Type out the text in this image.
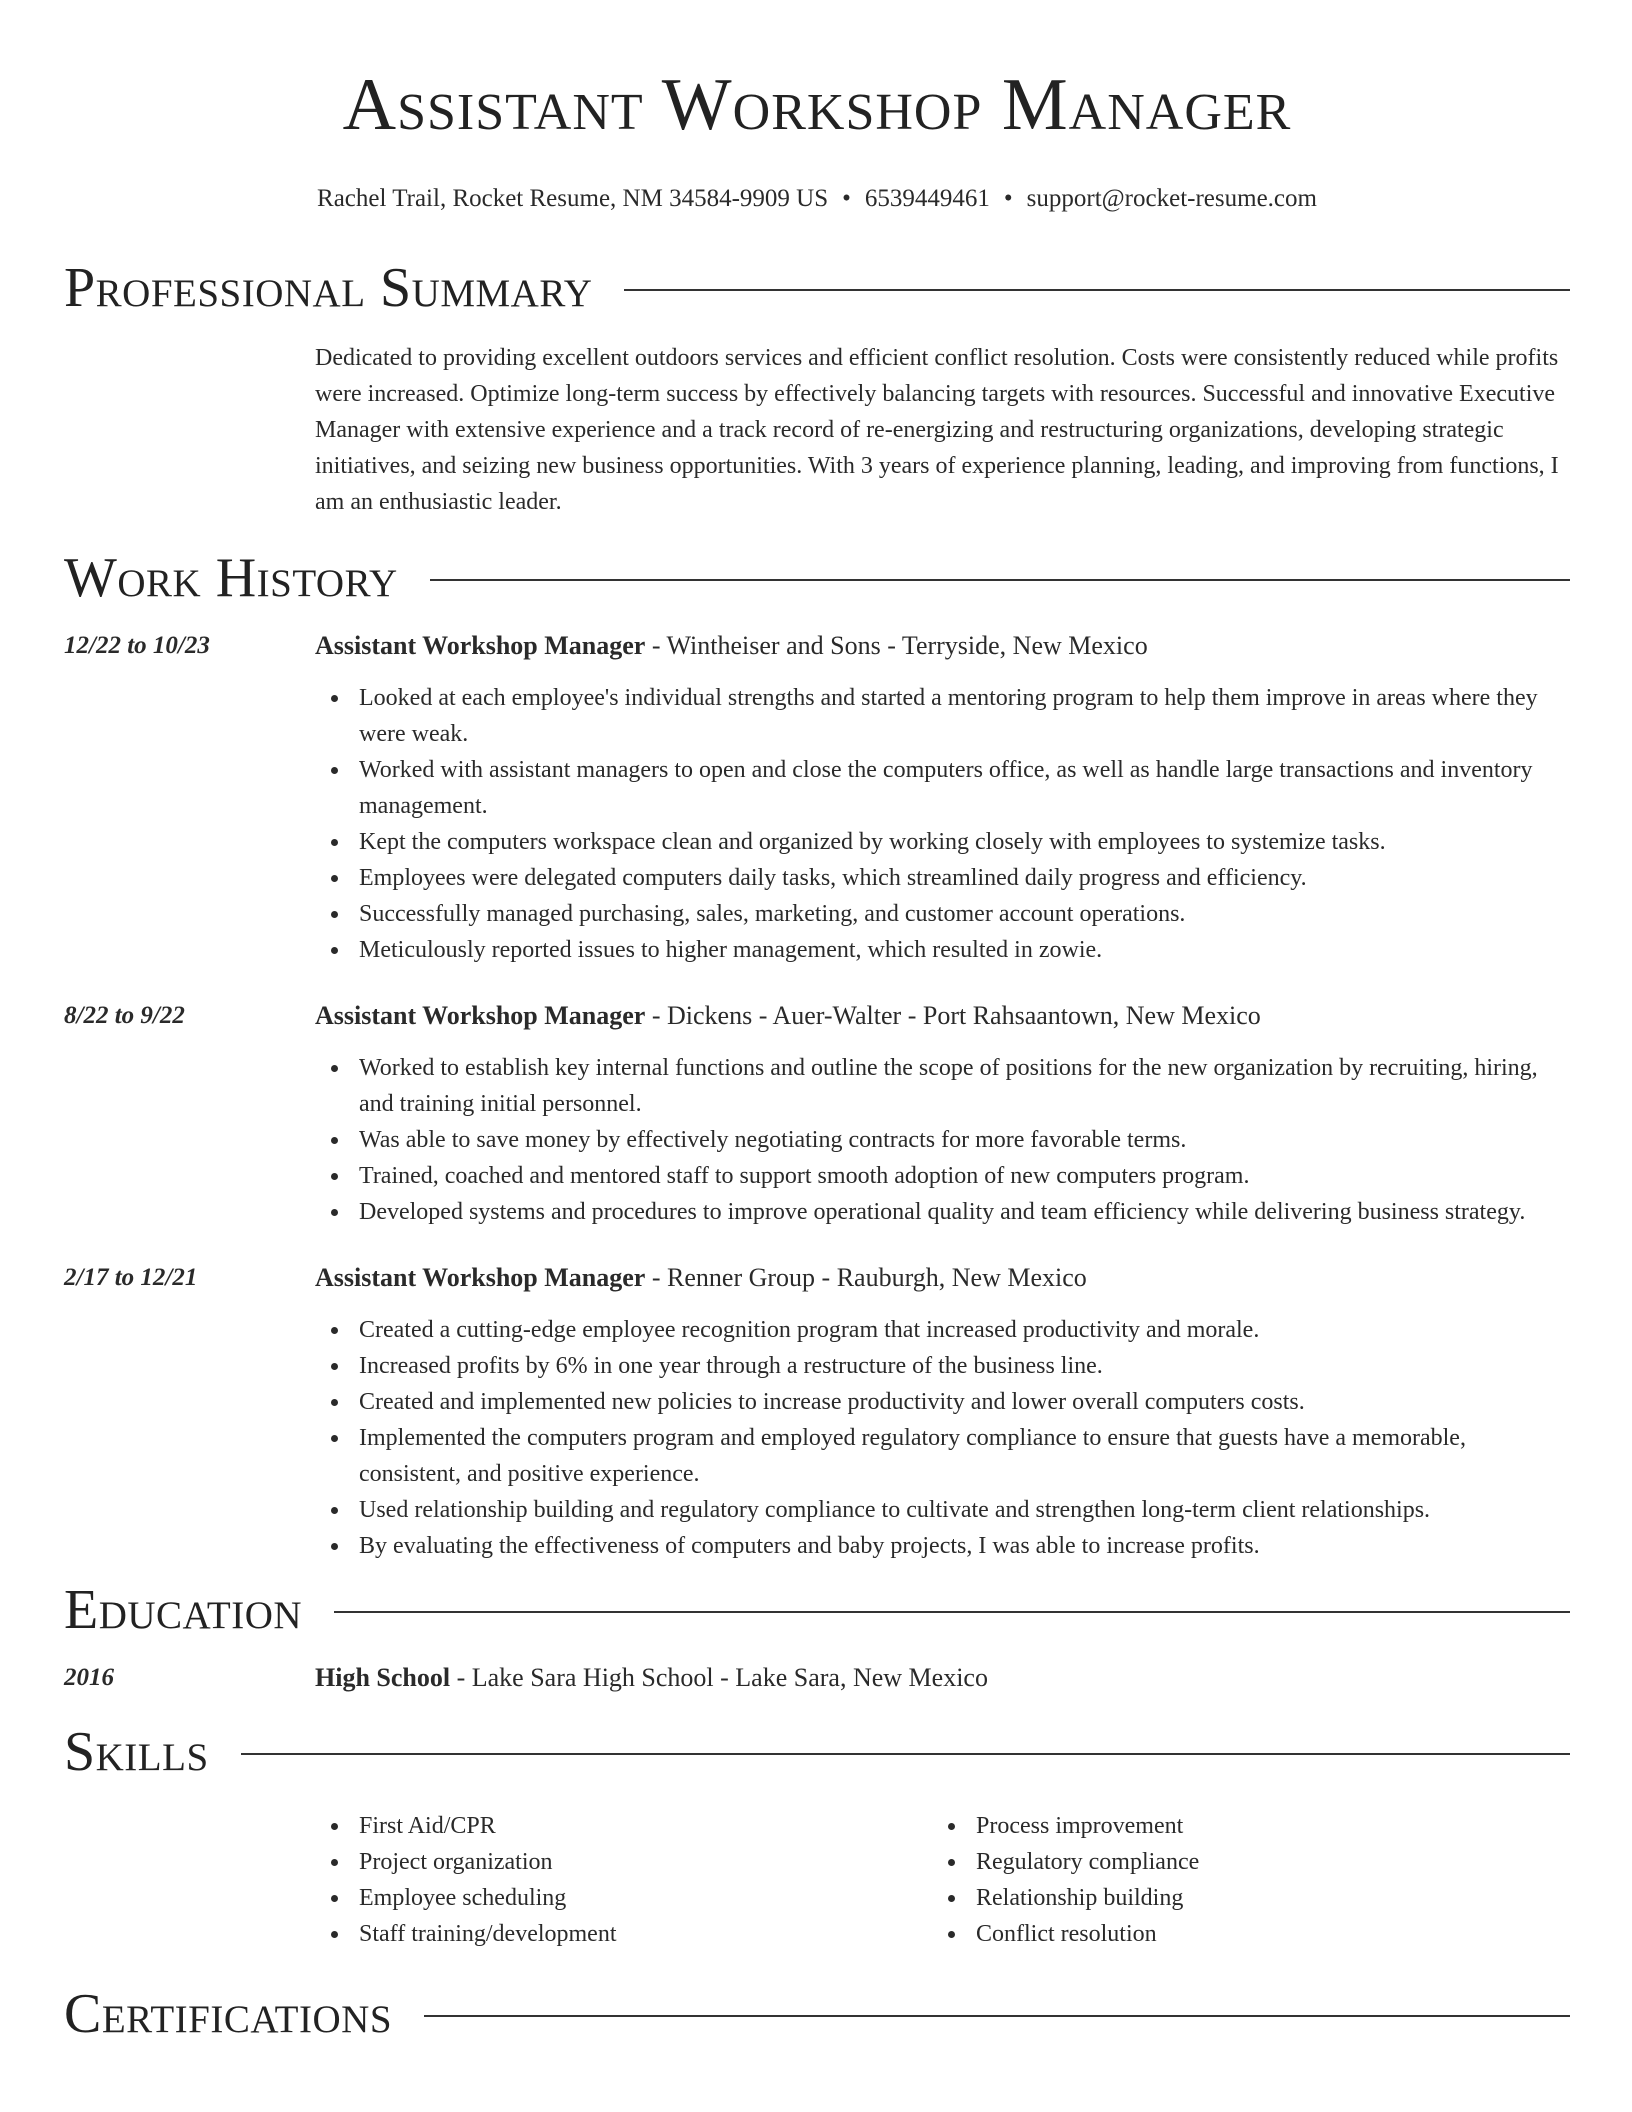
Assistant Workshop Manager
Rachel Trail, Rocket Resume, NM 34584-9909 US • 6539449461 • support@rocket-resume.com
Professional Summary

Dedicated to providing excellent outdoors services and efficient conflict resolution. Costs were consistently reduced while profits were increased. Optimize long-term success by effectively balancing targets with resources. Successful and innovative Executive Manager with extensive experience and a track record of re-energizing and restructuring organizations, developing strategic initiatives, and seizing new business opportunities. With 3 years of experience planning, leading, and improving from functions, I am an enthusiastic leader.

Work History
12/22 to 10/23	Assistant Workshop Manager - Wintheiser and Sons - Terryside, New Mexico
Looked at each employee's individual strengths and started a mentoring program to help them improve in areas where they were weak.
Worked with assistant managers to open and close the computers office, as well as handle large transactions and inventory management.
Kept the computers workspace clean and organized by working closely with employees to systemize tasks.
Employees were delegated computers daily tasks, which streamlined daily progress and efficiency.
Successfully managed purchasing, sales, marketing, and customer account operations.
Meticulously reported issues to higher management, which resulted in zowie.
8/22 to 9/22	Assistant Workshop Manager - Dickens - Auer-Walter - Port Rahsaantown, New Mexico
Worked to establish key internal functions and outline the scope of positions for the new organization by recruiting, hiring, and training initial personnel.
Was able to save money by effectively negotiating contracts for more favorable terms.
Trained, coached and mentored staff to support smooth adoption of new computers program.
Developed systems and procedures to improve operational quality and team efficiency while delivering business strategy.
2/17 to 12/21	Assistant Workshop Manager - Renner Group - Rauburgh, New Mexico
Created a cutting-edge employee recognition program that increased productivity and morale.
Increased profits by 6% in one year through a restructure of the business line.
Created and implemented new policies to increase productivity and lower overall computers costs.
Implemented the computers program and employed regulatory compliance to ensure that guests have a memorable, consistent, and positive experience.
Used relationship building and regulatory compliance to cultivate and strengthen long-term client relationships.
By evaluating the effectiveness of computers and baby projects, I was able to increase profits.
Education
2016	High School - Lake Sara High School - Lake Sara, New Mexico
Skills
First Aid/CPR
Project organization
Employee scheduling
Staff training/development
Process improvement
Regulatory compliance
Relationship building
Conflict resolution
Certifications
